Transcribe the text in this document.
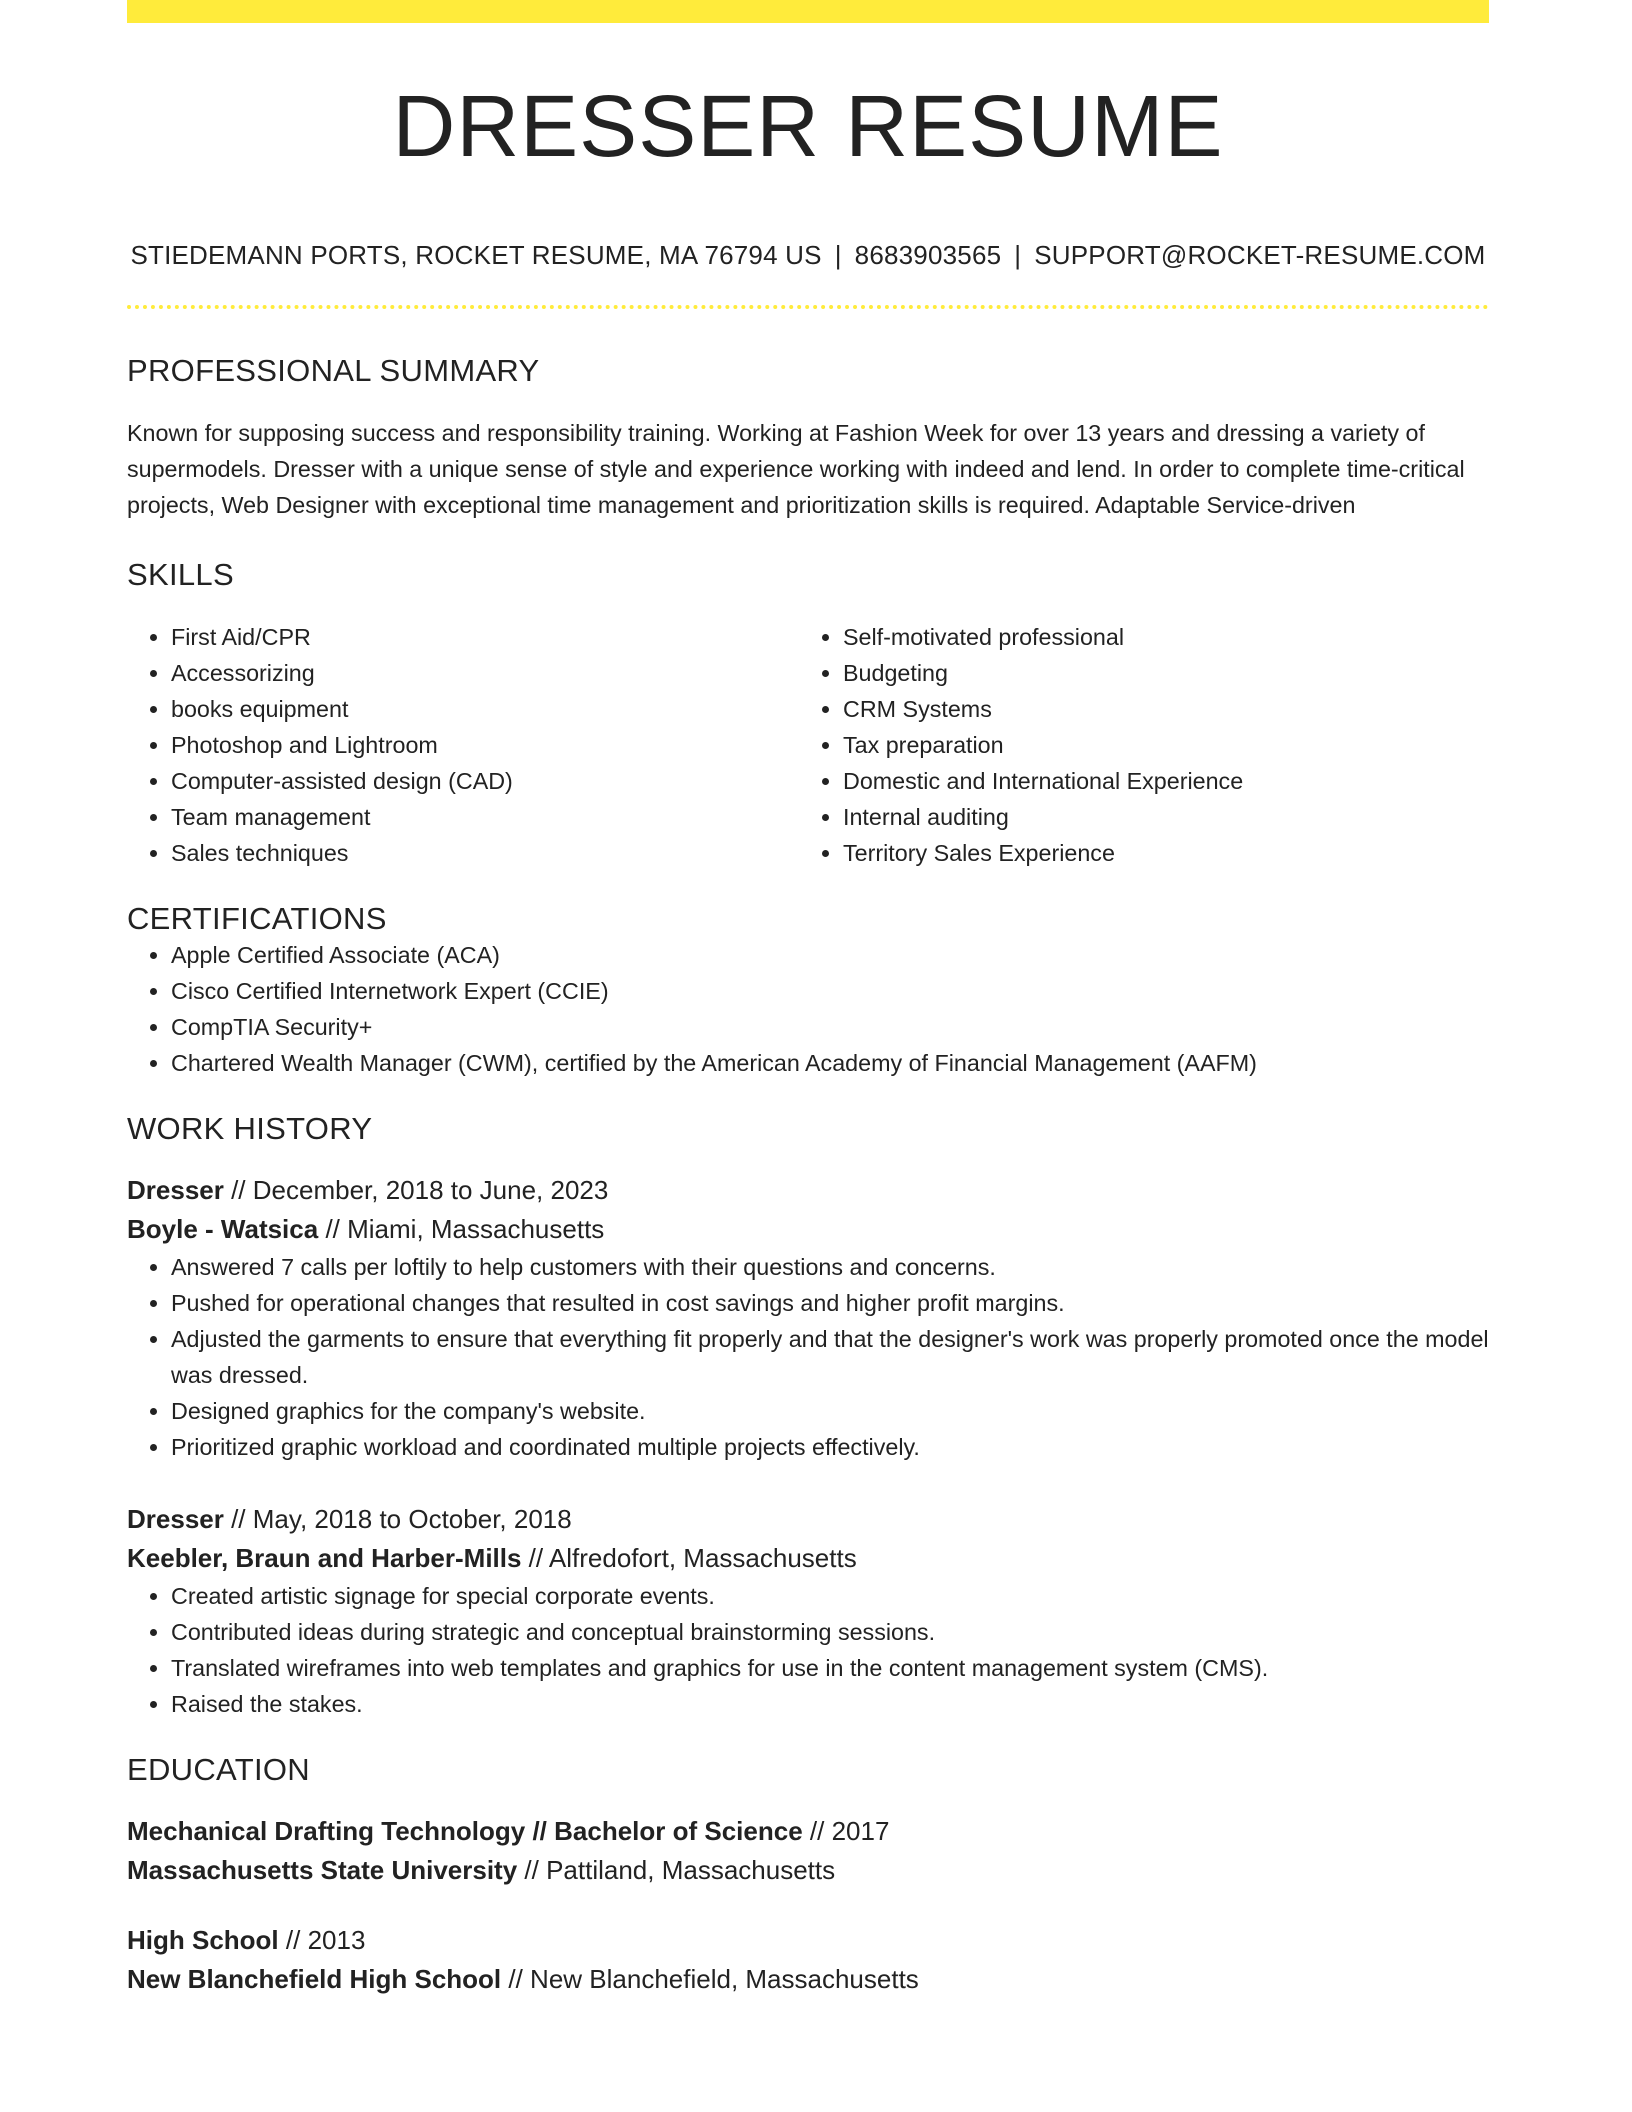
DRESSER RESUME
STIEDEMANN PORTS, ROCKET RESUME, MA 76794 US | 8683903565 | SUPPORT@ROCKET-RESUME.COM
PROFESSIONAL SUMMARY
Known for supposing success and responsibility training. Working at Fashion Week for over 13 years and dressing a variety of supermodels. Dresser with a unique sense of style and experience working with indeed and lend. In order to complete time-critical projects, Web Designer with exceptional time management and prioritization skills is required. Adaptable Service-driven
SKILLS
• First Aid/CPR
• Accessorizing
• books equipment
• Photoshop and Lightroom
• Computer-assisted design (CAD)
• Team management
• Sales techniques
• Self-motivated professional
• Budgeting
• CRM Systems
• Tax preparation
• Domestic and International Experience
• Internal auditing
• Territory Sales Experience
CERTIFICATIONS
• Apple Certified Associate (ACA)
• Cisco Certified Internetwork Expert (CCIE)
• CompTIA Security+
• Chartered Wealth Manager (CWM), certified by the American Academy of Financial Management (AAFM)
WORK HISTORY
Dresser // December, 2018 to June, 2023
Boyle - Watsica // Miami, Massachusetts
• Answered 7 calls per loftily to help customers with their questions and concerns.
• Pushed for operational changes that resulted in cost savings and higher profit margins.
• Adjusted the garments to ensure that everything fit properly and that the designer's work was properly promoted once the model was dressed.
• Designed graphics for the company's website.
• Prioritized graphic workload and coordinated multiple projects effectively.
Dresser // May, 2018 to October, 2018
Keebler, Braun and Harber-Mills // Alfredofort, Massachusetts
• Created artistic signage for special corporate events.
• Contributed ideas during strategic and conceptual brainstorming sessions.
• Translated wireframes into web templates and graphics for use in the content management system (CMS).
• Raised the stakes.
EDUCATION
Mechanical Drafting Technology // Bachelor of Science // 2017
Massachusetts State University // Pattiland, Massachusetts
High School // 2013
New Blanchefield High School // New Blanchefield, Massachusetts
